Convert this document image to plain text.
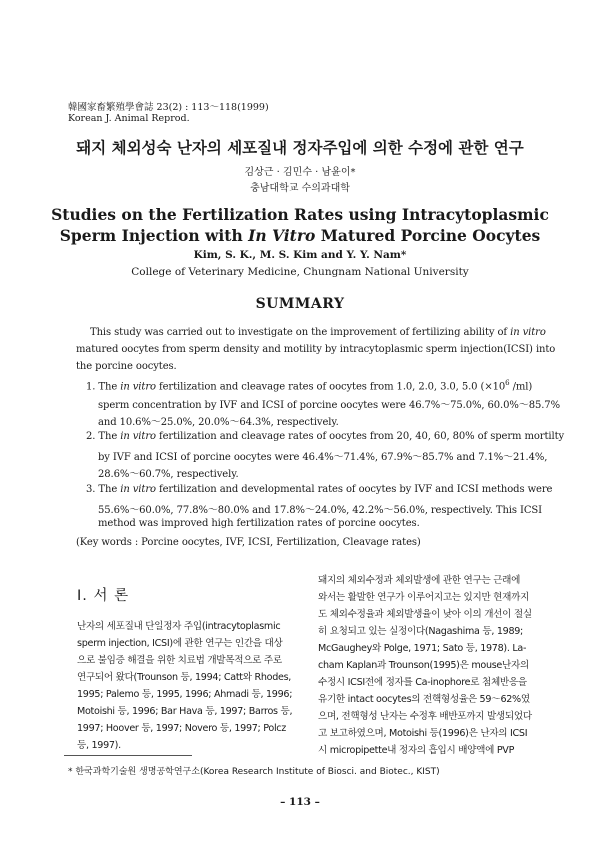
韓國家畜繁殖學會誌 23(2) : 113～118(1999)
Korean J. Animal Reprod.
돼지 체외성숙 난자의 세포질내 정자주입에 의한 수정에 관한 연구
김상근 · 김민수 · 남윤이*
충남대학교 수의과대학
Studies on the Fertilization Rates using Intracytoplasmic
Sperm Injection with In Vitro Matured Porcine Oocytes
Kim, S. K., M. S. Kim and Y. Y. Nam*
College of Veterinary Medicine, Chungnam National University
SUMMARY
This study was carried out to investigate on the improvement of fertilizing ability of in vitro
matured oocytes from sperm density and motility by intracytoplasmic sperm injection(ICSI) into
the porcine oocytes.
1. The in vitro fertilization and cleavage rates of oocytes from 1.0, 2.0, 3.0, 5.0 ($\times 10^6$ /ml)
sperm concentration by IVF and ICSI of porcine oocytes were 46.7%～75.0%, 60.0%～85.7%
and 10.6%～25.0%, 20.0%～64.3%, respectively.
2. The in vitro fertilization and cleavage rates of oocytes from 20, 40, 60, 80% of sperm mortilty
by IVF and ICSI of porcine oocytes were 46.4%～71.4%, 67.9%～85.7% and 7.1%～21.4%,
28.6%～60.7%, respectively.
3. The in vitro fertilization and developmental rates of oocytes by IVF and ICSI methods were
55.6%～60.0%, 77.8%～80.0% and 17.8%～24.0%, 42.2%～56.0%, respectively. This ICSI
method was improved high fertilization rates of porcine oocytes.
(Key words : Porcine oocytes, IVF, ICSI, Fertilization, Cleavage rates)
Ⅰ. 서 론
난자의 세포질내 단일정자 주입(intracytoplasmic
sperm injection, ICSI)에 관한 연구는 인간을 대상
으로 불임증 해결을 위한 치료법 개발목적으로 주로
연구되어 왔다(Trounson 등, 1994; Catt와 Rhodes,
1995; Palemo 등, 1995, 1996; Ahmadi 등, 1996;
Motoishi 등, 1996; Bar Hava 등, 1997; Barros 등,
1997; Hoover 등, 1997; Novero 등, 1997; Polcz
등, 1997).
돼지의 체외수정과 체외발생에 관한 연구는 근래에
와서는 활발한 연구가 이루어지고는 있지만 현재까지
도 체외수정율과 체외발생율이 낮아 이의 개선이 절실
히 요청되고 있는 실정이다(Nagashima 등, 1989;
McGaughey와 Polge, 1971; Sato 등, 1978). La-
cham Kaplan과 Trounson(1995)은 mouse난자의
수정시 ICSI전에 정자를 Ca-inophore로 첨체반응을
유기한 intact oocytes의 전핵형성율은 59～62%였
으며, 전핵형성 난자는 수정후 배반포까지 발생되었다
고 보고하였으며, Motoishi 등(1996)은 난자의 ICSI
시 micropipette내 정자의 흡입시 배양액에 PVP
* 한국과학기술원 생명공학연구소(Korea Research Institute of Biosci. and Biotec., KIST)
– 113 –
